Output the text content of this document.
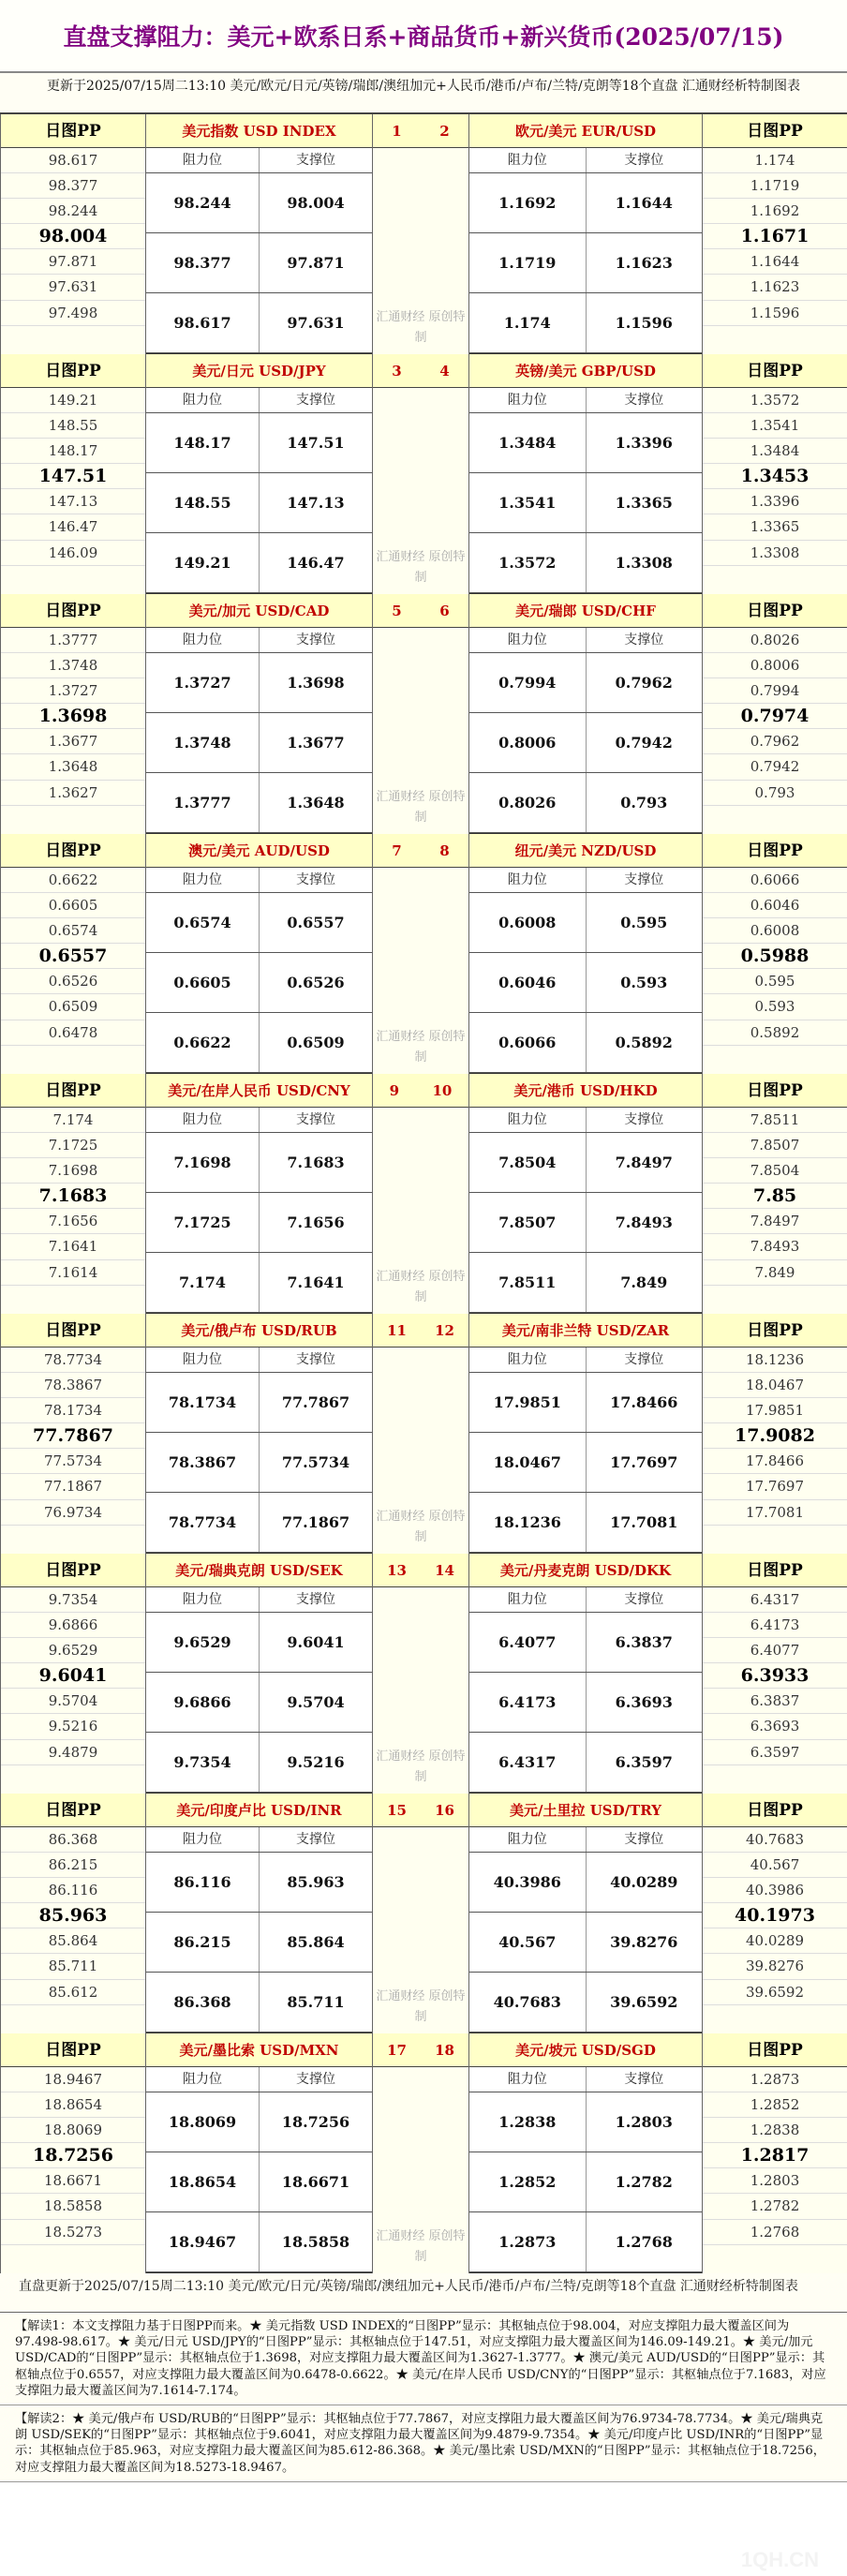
直盘支撑阻力：美元+欧系日系+商品货币+新兴货币(2025/07/15)
更新于2025/07/15周二13:10 美元/欧元/日元/英镑/瑞郎/澳纽加元+人民币/港币/卢布/兰特/克朗等18个直盘 汇通财经析特制图表
日图PP
98.617
98.377
98.244
98.004
97.871
97.631
97.498
美元指数 USD INDEX
阻力位	支撑位
98.244	98.004
98.377	97.871
98.617	97.631
1	2
汇通财经 原创特制
欧元/美元 EUR/USD
阻力位	支撑位
1.1692	1.1644
1.1719	1.1623
1.174	1.1596
日图PP
1.174
1.1719
1.1692
1.1671
1.1644
1.1623
1.1596
日图PP
149.21
148.55
148.17
147.51
147.13
146.47
146.09
美元/日元 USD/JPY
阻力位	支撑位
148.17	147.51
148.55	147.13
149.21	146.47
3	4
汇通财经 原创特制
英镑/美元 GBP/USD
阻力位	支撑位
1.3484	1.3396
1.3541	1.3365
1.3572	1.3308
日图PP
1.3572
1.3541
1.3484
1.3453
1.3396
1.3365
1.3308
日图PP
1.3777
1.3748
1.3727
1.3698
1.3677
1.3648
1.3627
美元/加元 USD/CAD
阻力位	支撑位
1.3727	1.3698
1.3748	1.3677
1.3777	1.3648
5	6
汇通财经 原创特制
美元/瑞郎 USD/CHF
阻力位	支撑位
0.7994	0.7962
0.8006	0.7942
0.8026	0.793
日图PP
0.8026
0.8006
0.7994
0.7974
0.7962
0.7942
0.793
日图PP
0.6622
0.6605
0.6574
0.6557
0.6526
0.6509
0.6478
澳元/美元 AUD/USD
阻力位	支撑位
0.6574	0.6557
0.6605	0.6526
0.6622	0.6509
7	8
汇通财经 原创特制
纽元/美元 NZD/USD
阻力位	支撑位
0.6008	0.595
0.6046	0.593
0.6066	0.5892
日图PP
0.6066
0.6046
0.6008
0.5988
0.595
0.593
0.5892
日图PP
7.174
7.1725
7.1698
7.1683
7.1656
7.1641
7.1614
美元/在岸人民币 USD/CNY
阻力位	支撑位
7.1698	7.1683
7.1725	7.1656
7.174	7.1641
9 10
汇通财经 原创特制
美元/港币 USD/HKD
阻力位	支撑位
7.8504	7.8497
7.8507	7.8493
7.8511	7.849
日图PP
7.8511
7.8507
7.8504
7.85
7.8497
7.8493
7.849
日图PP
78.7734
78.3867
78.1734
77.7867
77.5734
77.1867
76.9734
美元/俄卢布 USD/RUB
阻力位	支撑位
78.1734	77.7867
78.3867	77.5734
78.7734	77.1867
11 12
汇通财经 原创特制
美元/南非兰特 USD/ZAR
阻力位	支撑位
17.9851	17.8466
18.0467	17.7697
18.1236	17.7081
日图PP
18.1236
18.0467
17.9851
17.9082
17.8466
17.7697
17.7081
日图PP
9.7354
9.6866
9.6529
9.6041
9.5704
9.5216
9.4879
美元/瑞典克朗 USD/SEK
阻力位	支撑位
9.6529	9.6041
9.6866	9.5704
9.7354	9.5216
13 14
汇通财经 原创特制
美元/丹麦克朗 USD/DKK
阻力位	支撑位
6.4077	6.3837
6.4173	6.3693
6.4317	6.3597
日图PP
6.4317
6.4173
6.4077
6.3933
6.3837
6.3693
6.3597
日图PP
86.368
86.215
86.116
85.963
85.864
85.711
85.612
美元/印度卢比 USD/INR
阻力位	支撑位
86.116	85.963
86.215	85.864
86.368	85.711
15 16
汇通财经 原创特制
美元/土里拉 USD/TRY
阻力位	支撑位
40.3986	40.0289
40.567	39.8276
40.7683	39.6592
日图PP
40.7683
40.567
40.3986
40.1973
40.0289
39.8276
39.6592
日图PP
18.9467
18.8654
18.8069
18.7256
18.6671
18.5858
18.5273
美元/墨比索 USD/MXN
阻力位	支撑位
18.8069	18.7256
18.8654	18.6671
18.9467	18.5858
17 18
汇通财经 原创特制
美元/坡元 USD/SGD
阻力位	支撑位
1.2838	1.2803
1.2852	1.2782
1.2873	1.2768
日图PP
1.2873
1.2852
1.2838
1.2817
1.2803
1.2782
1.2768
直盘更新于2025/07/15周二13:10 美元/欧元/日元/英镑/瑞郎/澳纽加元+人民币/港币/卢布/兰特/克朗等18个直盘 汇通财经析特制图表
【解读1：本文支撑阻力基于日图PP而来。★ 美元指数 USD INDEX的“日图PP”显示：其枢轴点位于98.004，对应支撑阻力最大覆盖区间为97.498-98.617。★ 美元/日元 USD/JPY的“日图PP”显示：其枢轴点位于147.51，对应支撑阻力最大覆盖区间为146.09-149.21。★ 美元/加元 USD/CAD的“日图PP”显示：其枢轴点位于1.3698，对应支撑阻力最大覆盖区间为1.3627-1.3777。★ 澳元/美元 AUD/USD的“日图PP”显示：其枢轴点位于0.6557，对应支撑阻力最大覆盖区间为0.6478-0.6622。★ 美元/在岸人民币 USD/CNY的“日图PP”显示：其枢轴点位于7.1683，对应支撑阻力最大覆盖区间为7.1614-7.174。
【解读2：★ 美元/俄卢布 USD/RUB的“日图PP”显示：其枢轴点位于77.7867，对应支撑阻力最大覆盖区间为76.9734-78.7734。★ 美元/瑞典克朗 USD/SEK的“日图PP”显示：其枢轴点位于9.6041，对应支撑阻力最大覆盖区间为9.4879-9.7354。★ 美元/印度卢比 USD/INR的“日图PP”显示：其枢轴点位于85.963，对应支撑阻力最大覆盖区间为85.612-86.368。★ 美元/墨比索 USD/MXN的“日图PP”显示：其枢轴点位于18.7256，对应支撑阻力最大覆盖区间为18.5273-18.9467。
1QH.CN
